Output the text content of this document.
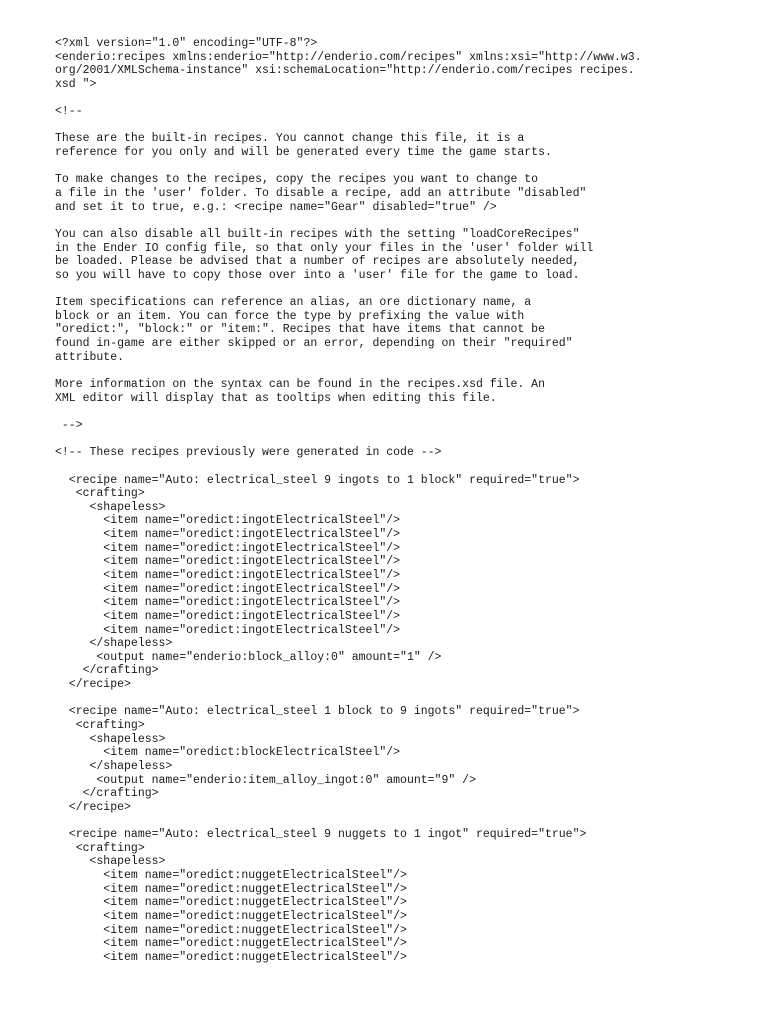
<?xml version="1.0" encoding="UTF-8"?>
<enderio:recipes xmlns:enderio="http://enderio.com/recipes" xmlns:xsi="http://www.w3.
org/2001/XMLSchema-instance" xsi:schemaLocation="http://enderio.com/recipes recipes.
xsd ">
<!--
These are the built-in recipes. You cannot change this file, it is a
reference for you only and will be generated every time the game starts.
To make changes to the recipes, copy the recipes you want to change to
a file in the 'user' folder. To disable a recipe, add an attribute "disabled"
and set it to true, e.g.: <recipe name="Gear" disabled="true" />
You can also disable all built-in recipes with the setting "loadCoreRecipes"
in the Ender IO config file, so that only your files in the 'user' folder will
be loaded. Please be advised that a number of recipes are absolutely needed,
so you will have to copy those over into a 'user' file for the game to load.
Item specifications can reference an alias, an ore dictionary name, a
block or an item. You can force the type by prefixing the value with
"oredict:", "block:" or "item:". Recipes that have items that cannot be
found in-game are either skipped or an error, depending on their "required"
attribute.
More information on the syntax can be found in the recipes.xsd file. An
XML editor will display that as tooltips when editing this file.
-->
<!-- These recipes previously were generated in code -->
<recipe name="Auto: electrical_steel 9 ingots to 1 block" required="true">
<crafting>
<shapeless>
<item name="oredict:ingotElectricalSteel"/>
<item name="oredict:ingotElectricalSteel"/>
<item name="oredict:ingotElectricalSteel"/>
<item name="oredict:ingotElectricalSteel"/>
<item name="oredict:ingotElectricalSteel"/>
<item name="oredict:ingotElectricalSteel"/>
<item name="oredict:ingotElectricalSteel"/>
<item name="oredict:ingotElectricalSteel"/>
<item name="oredict:ingotElectricalSteel"/>
</shapeless>
<output name="enderio:block_alloy:0" amount="1" />
</crafting>
</recipe>
<recipe name="Auto: electrical_steel 1 block to 9 ingots" required="true">
<crafting>
<shapeless>
<item name="oredict:blockElectricalSteel"/>
</shapeless>
<output name="enderio:item_alloy_ingot:0" amount="9" />
</crafting>
</recipe>
<recipe name="Auto: electrical_steel 9 nuggets to 1 ingot" required="true">
<crafting>
<shapeless>
<item name="oredict:nuggetElectricalSteel"/>
<item name="oredict:nuggetElectricalSteel"/>
<item name="oredict:nuggetElectricalSteel"/>
<item name="oredict:nuggetElectricalSteel"/>
<item name="oredict:nuggetElectricalSteel"/>
<item name="oredict:nuggetElectricalSteel"/>
<item name="oredict:nuggetElectricalSteel"/>
